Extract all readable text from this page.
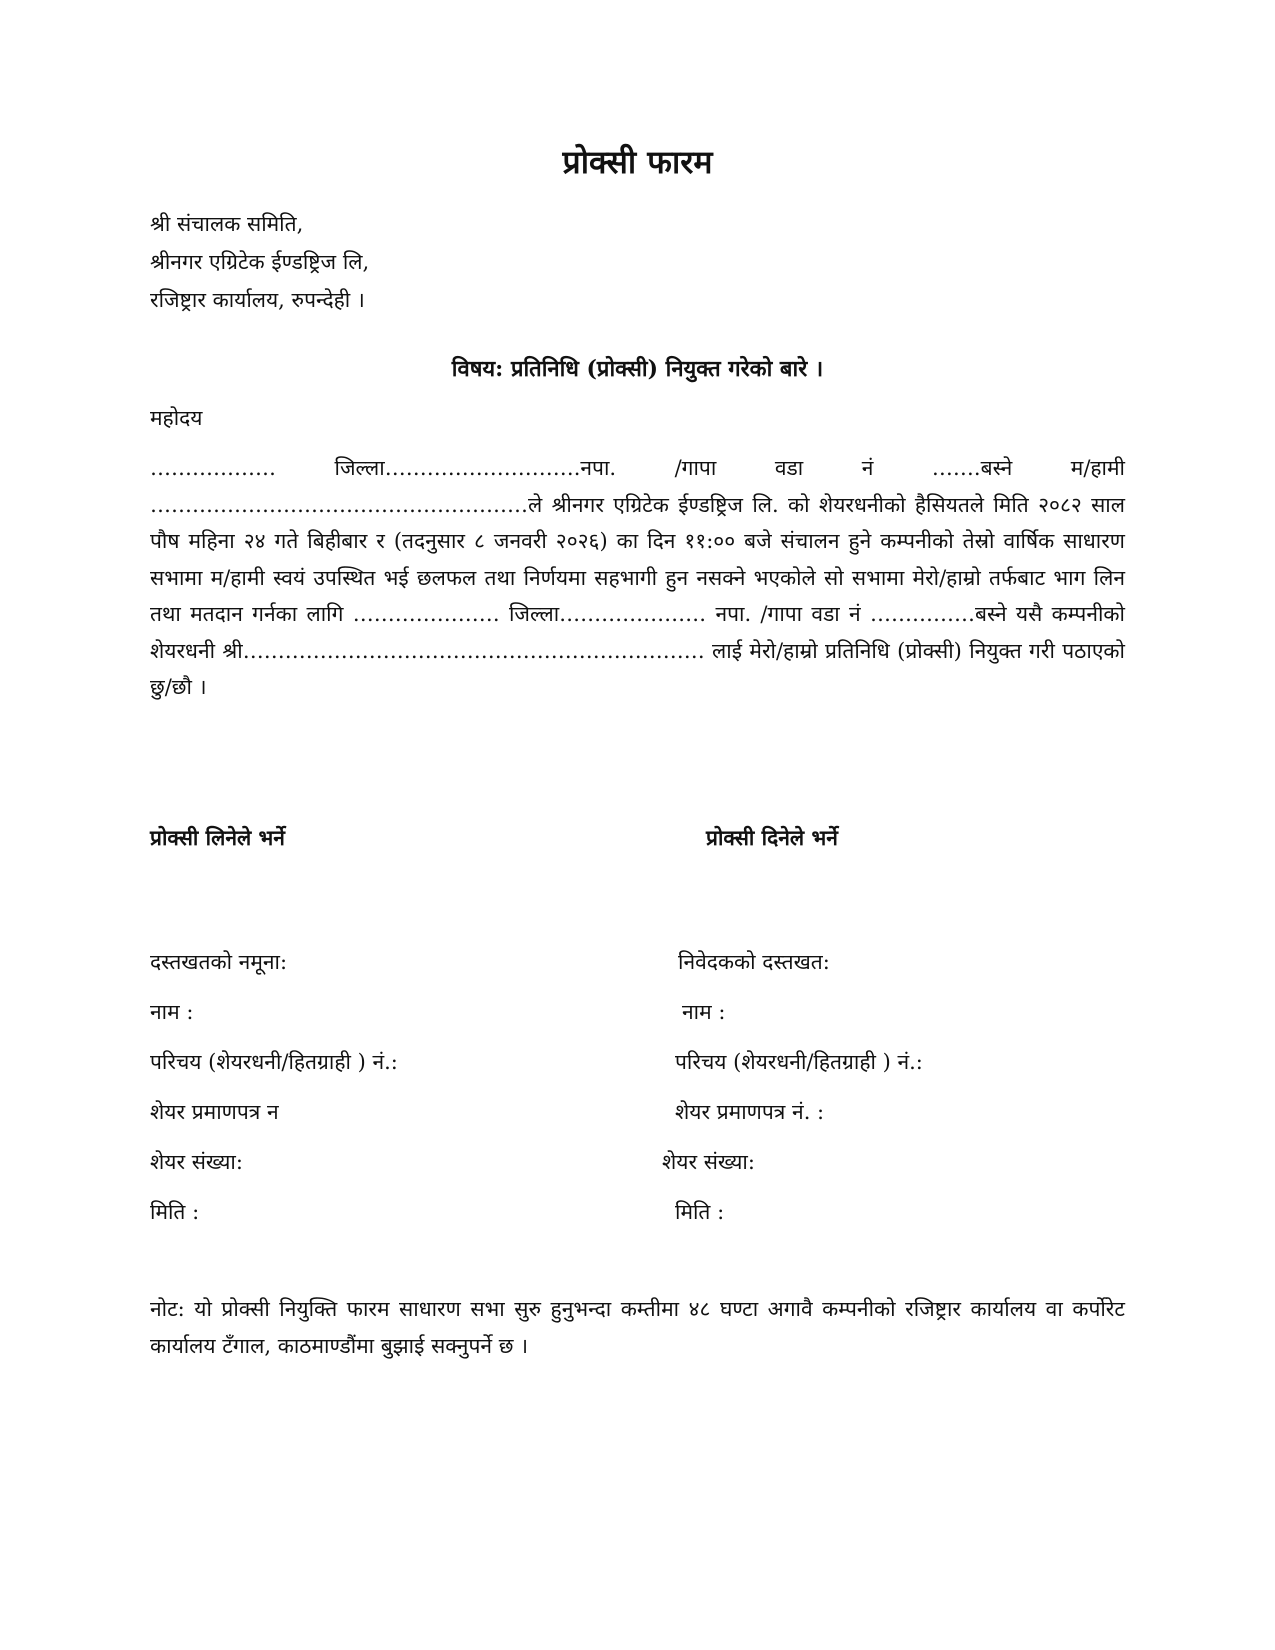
प्रोक्सी फारम
श्री संचालक समिति,
श्रीनगर एग्रिटेक ईण्डष्ट्रिज लि,
रजिष्ट्रार कार्यालय, रुपन्देही ।
विषय: प्रतिनिधि (प्रोक्सी) नियुक्त गरेको बारे ।
महोदय

……………… जिल्ला……………………….नपा. /गापा वडा नं …….बस्ने म/हामी ………………………………………………ले श्रीनगर एग्रिटेक ईण्डष्ट्रिज लि. को शेयरधनीको हैसियतले मिति २०८२ साल पौष महिना २४ गते बिहीबार र (तदनुसार ८ जनवरी २०२६) का दिन ११:०० बजे संचालन हुने कम्पनीको तेस्रो वार्षिक साधारण सभामा म/हामी स्वयं उपस्थित भई छलफल तथा निर्णयमा सहभागी हुन नसक्ने भएकोले सो सभामा मेरो/हाम्रो तर्फबाट भाग लिन तथा मतदान गर्नका लागि ………………… जिल्ला………………… नपा. /गापा वडा नं ……………बस्ने यसै कम्पनीको शेयरधनी श्री………………………………………………………… लाई मेरो/हाम्रो प्रतिनिधि (प्रोक्सी) नियुक्त गरी पठाएको छु/छौ ।

प्रोक्सी लिनेले भर्ने	प्रोक्सी दिनेले भर्ने
दस्तखतको नमूना:
नाम :
परिचय (शेयरधनी/हितग्राही ) नं.:
शेयर प्रमाणपत्र न
शेयर संख्या:
मिति :
निवेदकको दस्तखत:
नाम :
परिचय (शेयरधनी/हितग्राही ) नं.:
शेयर प्रमाणपत्र नं. :
शेयर संख्या:
मिति :

नोट: यो प्रोक्सी नियुक्ति फारम साधारण सभा सुरु हुनुभन्दा कम्तीमा ४८ घण्टा अगावै कम्पनीको रजिष्ट्रार कार्यालय वा कर्पोरेट कार्यालय टँगाल, काठमाण्डौंमा बुझाई सक्नुपर्ने छ ।
